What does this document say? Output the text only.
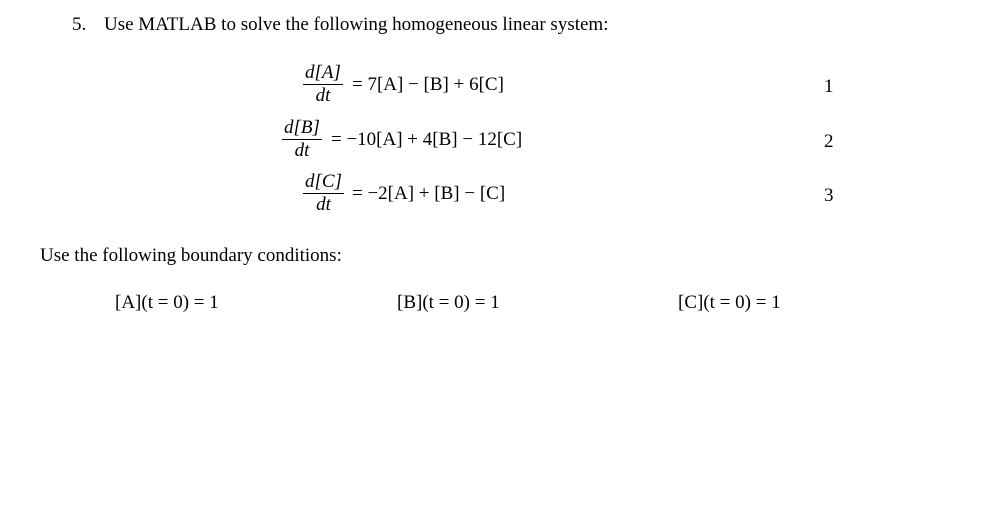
5. Use MATLAB to solve the following homogeneous linear system:
d[A]
dt
= 7[A] − [B] + 6[C]	1
d[B]
dt
= −10[A] + 4[B] − 12[C]	2
d[C]
dt
= −2[A] + [B] − [C]	3
Use the following boundary conditions:
[A](t = 0) = 1	[B](t = 0) = 1	[C](t = 0) = 1
